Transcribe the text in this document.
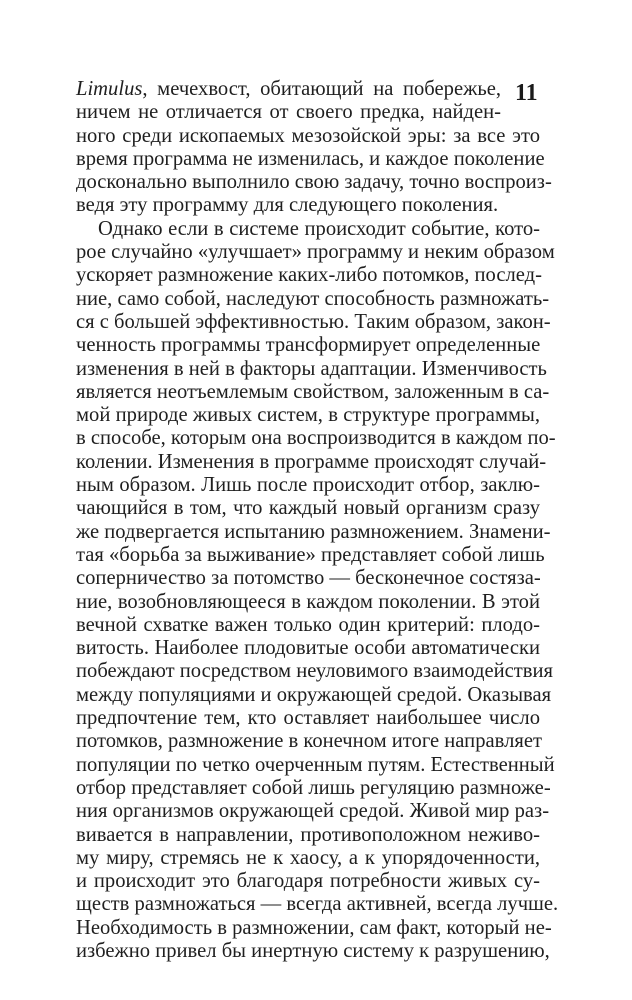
11
Limulus, мечехвост, обитающий на побережье,
ничем не отличается от своего предка, найден-
ного среди ископаемых мезозойской эры: за все это
время программа не изменилась, и каждое поколение
досконально выполнило свою задачу, точно воспроиз-
ведя эту программу для следующего поколения.
Однако если в системе происходит событие, кото-
рое случайно «улучшает» программу и неким образом
ускоряет размножение каких-либо потомков, послед-
ние, само собой, наследуют способность размножать-
ся с большей эффективностью. Таким образом, закон-
ченность программы трансформирует определенные
изменения в ней в факторы адаптации. Изменчивость
является неотъемлемым свойством, заложенным в са-
мой природе живых систем, в структуре программы,
в способе, которым она воспроизводится в каждом по-
колении. Изменения в программе происходят случай-
ным образом. Лишь после происходит отбор, заклю-
чающийся в том, что каждый новый организм сразу
же подвергается испытанию размножением. Знамени-
тая «борьба за выживание» представляет собой лишь
соперничество за потомство — бесконечное состяза-
ние, возобновляющееся в каждом поколении. В этой
вечной схватке важен только один критерий: плодо-
витость. Наиболее плодовитые особи автоматически
побеждают посредством неуловимого взаимодействия
между популяциями и окружающей средой. Оказывая
предпочтение тем, кто оставляет наибольшее число
потомков, размножение в конечном итоге направляет
популяции по четко очерченным путям. Естественный
отбор представляет собой лишь регуляцию размноже-
ния организмов окружающей средой. Живой мир раз-
вивается в направлении, противоположном неживо-
му миру, стремясь не к хаосу, а к упорядоченности,
и происходит это благодаря потребности живых су-
ществ размножаться — всегда активней, всегда лучше.
Необходимость в размножении, сам факт, который не-
избежно привел бы инертную систему к разрушению,
